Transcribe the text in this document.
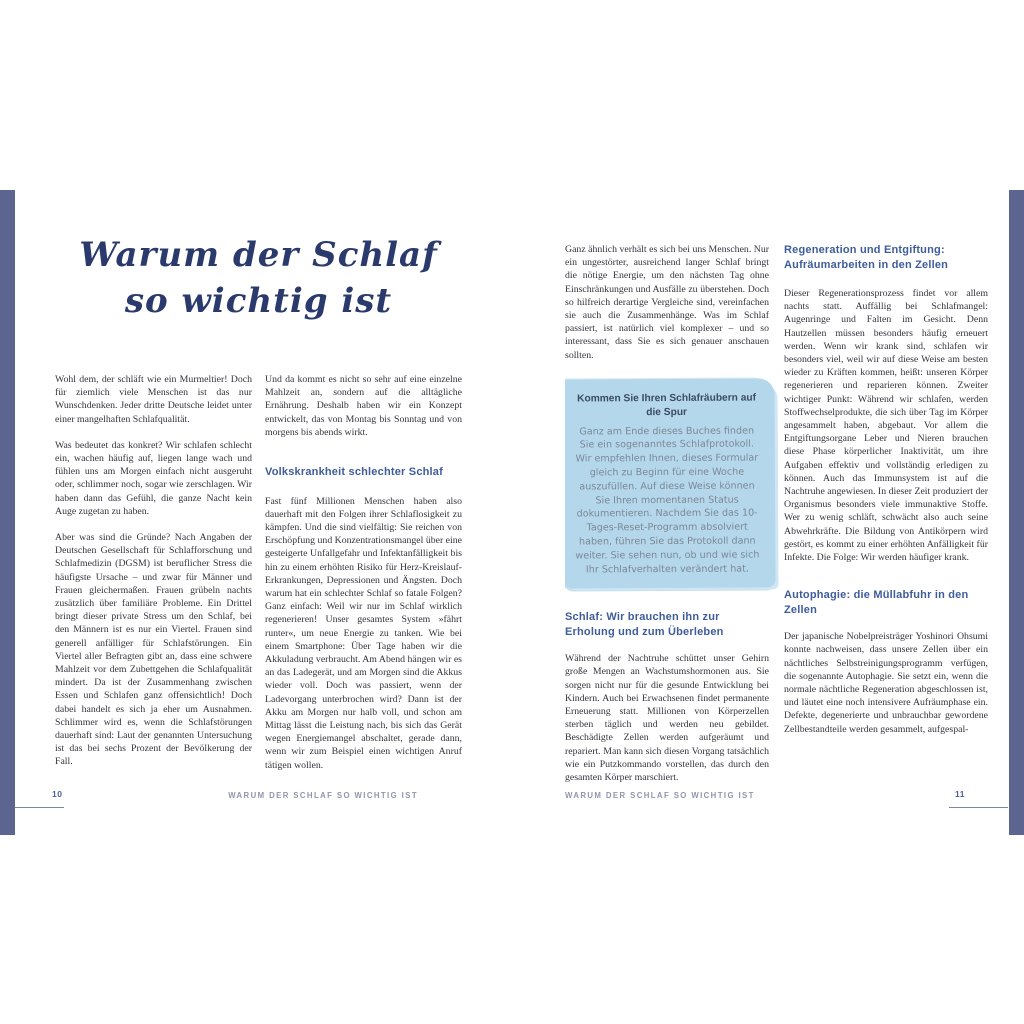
Warum der Schlaf
so wichtig ist

Wohl dem, der schläft wie ein Murmeltier! Doch für ziemlich viele Menschen ist das nur Wunschdenken. Jeder dritte Deutsche leidet unter einer mangelhaften Schlafqualität.

Was bedeutet das konkret? Wir schlafen schlecht ein, wachen häufig auf, liegen lange wach und fühlen uns am Morgen einfach nicht ausgeruht oder, schlimmer noch, sogar wie zerschlagen. Wir haben dann das Gefühl, die ganze Nacht kein Auge zugetan zu haben.

Aber was sind die Gründe? Nach Angaben der Deutschen Gesellschaft für Schlafforschung und Schlafmedizin (DGSM) ist beruflicher Stress die häufigste Ursache – und zwar für Männer und Frauen gleichermaßen. Frauen grübeln nachts zusätzlich über familiäre Probleme. Ein Drittel bringt dieser private Stress um den Schlaf, bei den Männern ist es nur ein Viertel. Frauen sind generell anfälliger für Schlafstörungen. Ein Viertel aller Befragten gibt an, dass eine schwere Mahlzeit vor dem Zubettgehen die Schlafqualität mindert. Da ist der Zusammenhang zwischen Essen und Schlafen ganz offensichtlich! Doch dabei handelt es sich ja eher um Ausnahmen. Schlimmer wird es, wenn die Schlafstörungen dauerhaft sind: Laut der genannten Untersuchung ist das bei sechs Prozent der Bevölkerung der Fall.

Und da kommt es nicht so sehr auf eine einzelne Mahlzeit an, sondern auf die alltägliche Ernährung. Deshalb haben wir ein Konzept entwickelt, das von Montag bis Sonntag und von morgens bis abends wirkt.

Volkskrankheit schlechter Schlaf

Fast fünf Millionen Menschen haben also dauerhaft mit den Folgen ihrer Schlaflosigkeit zu kämpfen. Und die sind vielfältig: Sie reichen von Erschöpfung und Konzentrationsmangel über eine gesteigerte Unfallgefahr und Infektanfälligkeit bis hin zu einem erhöhten Risiko für Herz-Kreislauf-Erkrankungen, Depressionen und Ängsten. Doch warum hat ein schlechter Schlaf so fatale Folgen? Ganz einfach: Weil wir nur im Schlaf wirklich regenerieren! Unser gesamtes System »fährt runter«, um neue Energie zu tanken. Wie bei einem Smartphone: Über Tage haben wir die Akkuladung verbraucht. Am Abend hängen wir es an das Ladegerät, und am Morgen sind die Akkus wieder voll. Doch was passiert, wenn der Ladevorgang unterbrochen wird? Dann ist der Akku am Morgen nur halb voll, und schon am Mittag lässt die Leistung nach, bis sich das Gerät wegen Energiemangel abschaltet, gerade dann, wenn wir zum Beispiel einen wichtigen Anruf tätigen wollen.

10	WARUM DER SCHLAF SO WICHTIG IST

Ganz ähnlich verhält es sich bei uns Menschen. Nur ein ungestörter, ausreichend langer Schlaf bringt die nötige Energie, um den nächsten Tag ohne Einschränkungen und Ausfälle zu überstehen. Doch so hilfreich derartige Vergleiche sind, vereinfachen sie auch die Zusammenhänge. Was im Schlaf passiert, ist natürlich viel komplexer – und so interessant, dass Sie es sich genauer anschauen sollten.

Kommen Sie Ihren Schlafräubern auf die Spur

Ganz am Ende dieses Buches finden Sie ein sogenanntes Schlafprotokoll. Wir empfehlen Ihnen, dieses Formular gleich zu Beginn für eine Woche auszufüllen. Auf diese Weise können Sie Ihren momentanen Status dokumentieren. Nachdem Sie das 10-Tages-Reset-Programm absolviert haben, führen Sie das Protokoll dann weiter. Sie sehen nun, ob und wie sich Ihr Schlafverhalten verändert hat.

Schlaf: Wir brauchen ihn zur Erholung und zum Überleben

Während der Nachtruhe schüttet unser Gehirn große Mengen an Wachstumshormonen aus. Sie sorgen nicht nur für die gesunde Entwicklung bei Kindern. Auch bei Erwachsenen findet permanente Erneuerung statt. Millionen von Körperzellen sterben täglich und werden neu gebildet. Beschädigte Zellen werden aufgeräumt und repariert. Man kann sich diesen Vorgang tatsächlich wie ein Putzkommando vorstellen, das durch den gesamten Körper marschiert.

Regeneration und Entgiftung: Aufräumarbeiten in den Zellen

Dieser Regenerationsprozess findet vor allem nachts statt. Auffällig bei Schlafmangel: Augenringe und Falten im Gesicht. Denn Hautzellen müssen besonders häufig erneuert werden. Wenn wir krank sind, schlafen wir besonders viel, weil wir auf diese Weise am besten wieder zu Kräften kommen, heißt: unseren Körper regenerieren und reparieren können. Zweiter wichtiger Punkt: Während wir schlafen, werden Stoffwechselprodukte, die sich über Tag im Körper angesammelt haben, abgebaut. Vor allem die Entgiftungsorgane Leber und Nieren brauchen diese Phase körperlicher Inaktivität, um ihre Aufgaben effektiv und vollständig erledigen zu können. Auch das Immunsystem ist auf die Nachtruhe angewiesen. In dieser Zeit produziert der Organismus besonders viele immunaktive Stoffe. Wer zu wenig schläft, schwächt also auch seine Abwehrkräfte. Die Bildung von Antikörpern wird gestört, es kommt zu einer erhöhten Anfälligkeit für Infekte. Die Folge: Wir werden häufiger krank.

Autophagie: die Müllabfuhr in den Zellen

Der japanische Nobelpreisträger Yoshinori Ohsumi konnte nachweisen, dass unsere Zellen über ein nächtliches Selbstreinigungsprogramm verfügen, die sogenannte Autophagie. Sie setzt ein, wenn die normale nächtliche Regeneration abgeschlossen ist, und läutet eine noch intensivere Aufräumphase ein. Defekte, degenerierte und unbrauchbar gewordene Zellbestandteile werden gesammelt, aufgespal-

WARUM DER SCHLAF SO WICHTIG IST	11
